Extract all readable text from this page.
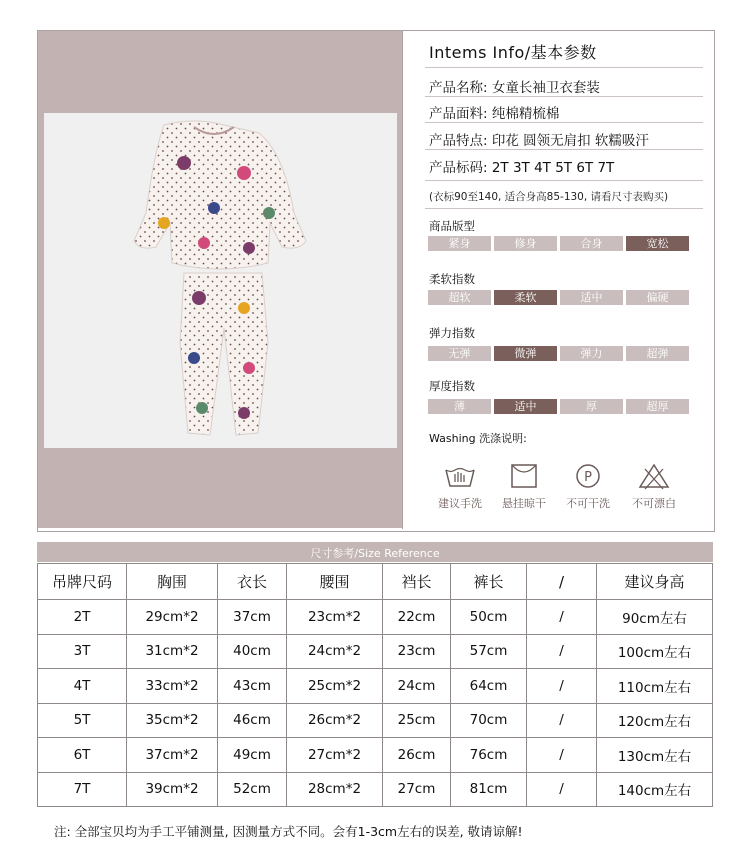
Intems Info/基本参数
产品名称: 女童长袖卫衣套装
产品面料: 纯棉精梳棉
产品特点: 印花 圆领无肩扣 软糯吸汗
产品标码: 2T 3T 4T 5T 6T 7T
(衣标90至140, 适合身高85-130, 请看尺寸表购买)
商品版型
紧身	修身	合身	宽松
柔软指数
超软	柔软	适中	偏硬
弹力指数
无弹	微弹	弹力	超弹
厚度指数
薄	适中	厚	超厚
Washing 洗涤说明:
建议手洗	悬挂晾干
P
不可干洗	不可漂白
尺寸参考/Size Reference
吊牌尺码	胸围	衣长	腰围	裆长	裤长	/	建议身高
2T	29cm*2	37cm	23cm*2	22cm	50cm	/	90cm左右
3T	31cm*2	40cm	24cm*2	23cm	57cm	/	100cm左右
4T	33cm*2	43cm	25cm*2	24cm	64cm	/	110cm左右
5T	35cm*2	46cm	26cm*2	25cm	70cm	/	120cm左右
6T	37cm*2	49cm	27cm*2	26cm	76cm	/	130cm左右
7T	39cm*2	52cm	28cm*2	27cm	81cm	/	140cm左右
注: 全部宝贝均为手工平铺测量, 因测量方式不同。会有1-3cm左右的误差, 敬请谅解!
